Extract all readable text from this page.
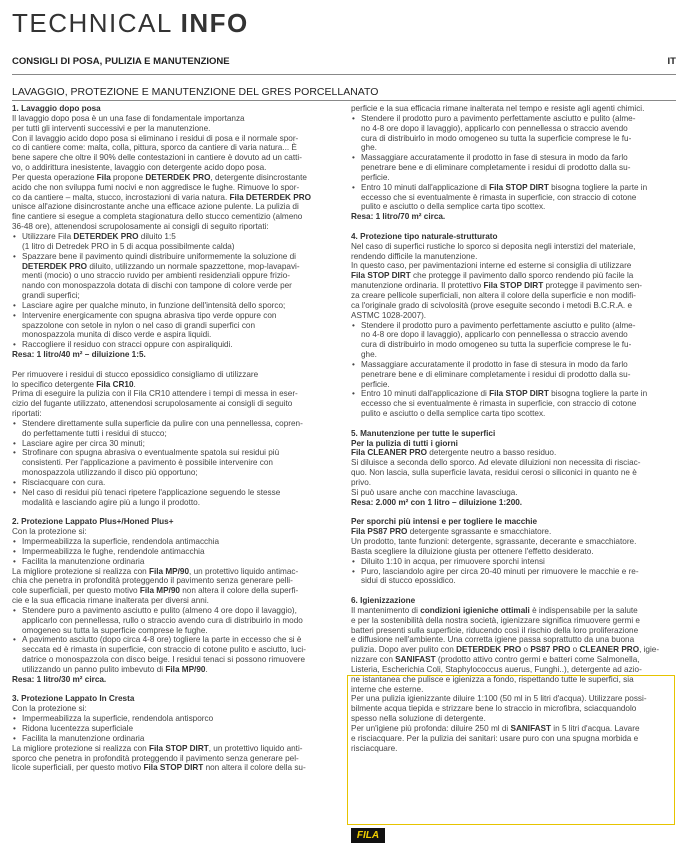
TECHNICAL INFO
CONSIGLI DI POSA, PULIZIA E MANUTENZIONE	IT
LAVAGGIO, PROTEZIONE E MANUTENZIONE DEL GRES PORCELLANATO

1. Lavaggio dopo posa

Il lavaggio dopo posa è un una fase di fondamentale importanza

per tutti gli interventi successivi e per la manutenzione.

Con il lavaggio acido dopo posa si eliminano i residui di posa e il normale spor-

co di cantiere come: malta, colla, pittura, sporco da cantiere di varia natura... È

bene sapere che oltre il 90% delle contestazioni in cantiere è dovuto ad un catti-

vo, o addirittura inesistente, lavaggio con detergente acido dopo posa.

Per questa operazione Fila propone DETERDEK PRO, detergente disincrostante

acido che non sviluppa fumi nocivi e non aggredisce le fughe. Rimuove lo spor-

co da cantiere – malta, stucco, incrostazioni di varia natura. Fila DETERDEK PRO

unisce all'azione disincrostante anche una efficace azione pulente. La pulizia di

fine cantiere si esegue a completa stagionatura dello stucco cementizio (almeno

36-48 ore), attenendosi scrupolosamente ai consigli di seguito riportati:

• Utilizzare Fila DETERDEK PRO diluito 1:5

(1 litro di Detredek PRO in 5 di acqua possibilmente calda)

• Spazzare bene il pavimento quindi distribuire uniformemente la soluzione di

DETERDEK PRO diluito, utilizzando un normale spazzettone, mop-lavapavi-

menti (mocio) o uno straccio ruvido per ambienti residenziali oppure frizio-

nando con monospazzola dotata di dischi con tampone di colore verde per

grandi superfici;

• Lasciare agire per qualche minuto, in funzione dell'intensità dello sporco;

• Intervenire energicamente con spugna abrasiva tipo verde oppure con

spazzolone con setole in nylon o nel caso di grandi superfici con

monospazzola munita di disco verde e aspira liquidi.

• Raccogliere il residuo con stracci oppure con aspiraliquidi.

Resa: 1 litro/40 m² – diluizione 1:5.

Per rimuovere i residui di stucco epossidico consigliamo di utilizzare

lo specifico detergente Fila CR10.

Prima di eseguire la pulizia con il Fila CR10 attendere i tempi di messa in eser-

cizio del fugante utilizzato, attenendosi scrupolosamente ai consigli di seguito

riportati:

• Stendere direttamente sulla superficie da pulire con una pennellessa, copren-

do perfettamente tutti i residui di stucco;

• Lasciare agire per circa 30 minuti;

• Strofinare con spugna abrasiva o eventualmente spatola sui residui più

consistenti. Per l'applicazione a pavimento è possibile intervenire con

monospazzola utilizzando il disco più opportuno;

• Risciacquare con cura.

• Nel caso di residui più tenaci ripetere l'applicazione seguendo le stesse

modalità e lasciando agire più a lungo il prodotto.

2. Protezione Lappato Plus+/Honed Plus+

Con la protezione si:

• Impermeabilizza la superficie, rendendola antimacchia

• Impermeabilizza le fughe, rendendole antimacchia

• Facilita la manutenzione ordinaria

La migliore protezione si realizza con Fila MP/90, un protettivo liquido antimac-

chia che penetra in profondità proteggendo il pavimento senza generare pelli-

cole superficiali, per questo motivo Fila MP/90 non altera il colore della superfi-

cie e la sua efficacia rimane inalterata per diversi anni.

• Stendere puro a pavimento asciutto e pulito (almeno 4 ore dopo il lavaggio),

applicarlo con pennellessa, rullo o straccio avendo cura di distribuirlo in modo

omogeneo su tutta la superficie comprese le fughe.

• A pavimento asciutto (dopo circa 4-8 ore) togliere la parte in eccesso che si è

seccata ed è rimasta in superficie, con straccio di cotone pulito e asciutto, luci-

datrice o monospazzola con disco beige. I residui tenaci si possono rimuovere

utilizzando un panno pulito imbevuto di Fila MP/90.

Resa: 1 litro/30 m² circa.

3. Protezione Lappato In Cresta

Con la protezione si:

• Impermeabilizza la superficie, rendendola antisporco

• Ridona lucentezza superficiale

• Facilita la manutenzione ordinaria

La migliore protezione si realizza con Fila STOP DIRT, un protettivo liquido anti-

sporco che penetra in profondità proteggendo il pavimento senza generare pel-

licole superficiali, per questo motivo Fila STOP DIRT non altera il colore della su-

perficie e la sua efficacia rimane inalterata nel tempo e resiste agli agenti chimici.

• Stendere il prodotto puro a pavimento perfettamente asciutto e pulito (alme-

no 4-8 ore dopo il lavaggio), applicarlo con pennellessa o straccio avendo

cura di distribuirlo in modo omogeneo su tutta la superficie comprese le fu-

ghe.

• Massaggiare accuratamente il prodotto in fase di stesura in modo da farlo

penetrare bene e di eliminare completamente i residui di prodotto dalla su-

perficie.

• Entro 10 minuti dall'applicazione di Fila STOP DIRT bisogna togliere la parte in

eccesso che si eventualmente è rimasta in superficie, con straccio di cotone

pulito e asciutto o della semplice carta tipo scottex.

Resa: 1 litro/70 m² circa.

4. Protezione tipo naturale-strutturato

Nel caso di superfici rustiche lo sporco si deposita negli interstizi del materiale,

rendendo difficile la manutenzione.

In questo caso, per pavimentazioni interne ed esterne si consiglia di utilizzare

Fila STOP DIRT che protegge il pavimento dallo sporco rendendo più facile la

manutenzione ordinaria. Il protettivo Fila STOP DIRT protegge il pavimento sen-

za creare pellicole superficiali, non altera il colore della superficie e non modifi-

ca l'originale grado di scivolosità (prove eseguite secondo i metodi B.C.R.A. e

ASTMC 1028-2007).

• Stendere il prodotto puro a pavimento perfettamente asciutto e pulito (alme-

no 4-8 ore dopo il lavaggio), applicarlo con pennellessa o straccio avendo

cura di distribuirlo in modo omogeneo su tutta la superficie comprese le fu-

ghe.

• Massaggiare accuratamente il prodotto in fase di stesura in modo da farlo

penetrare bene e di eliminare completamente i residui di prodotto dalla su-

perficie.

• Entro 10 minuti dall'applicazione di Fila STOP DIRT bisogna togliere la parte in

eccesso che si eventualmente è rimasta in superficie, con straccio di cotone

pulito e asciutto o della semplice carta tipo scottex.

5. Manutenzione per tutte le superfici

Per la pulizia di tutti i giorni

Fila CLEANER PRO detergente neutro a basso residuo.

Si diluisce a seconda dello sporco. Ad elevate diluizioni non necessita di risciac-

quo. Non lascia, sulla superficie lavata, residui cerosi o siliconici in quanto ne è

privo.

Si può usare anche con macchine lavasciuga.

Resa: 2.000 m² con 1 litro – diluizione 1:200.

Per sporchi più intensi e per togliere le macchie

Fila PS87 PRO detergente sgrassante e smacchiatore.

Un prodotto, tante funzioni: detergente, sgrassante, decerante e smacchiatore.

Basta scegliere la diluizione giusta per ottenere l'effetto desiderato.

• Diluito 1:10 in acqua, per rimuovere sporchi intensi

• Puro, lasciandolo agire per circa 20-40 minuti per rimuovere le macchie e re-

sidui di stucco epossidico.

6. Igienizzazione

Il mantenimento di condizioni igieniche ottimali è indispensabile per la salute

e per la sostenibilità della nostra società, igienizzare significa rimuovere germi e

batteri presenti sulla superficie, riducendo così il rischio della loro proliferazione

e diffusione nell'ambiente. Una corretta igiene passa soprattutto da una buona

pulizia. Dopo aver pulito con DETERDEK PRO o PS87 PRO o CLEANER PRO, igie-

nizzare con SANIFAST (prodotto attivo contro germi e batteri come Salmonella,

Listeria, Escherichia Coli, Staphylococcus auerus, Funghi..), detergente ad azio-

ne istantanea che pulisce e igienizza a fondo, rispettando tutte le superfici, sia

interne che esterne.

Per una pulizia igienizzante diluire 1:100 (50 ml in 5 litri d'acqua). Utilizzare possi-

bilmente acqua tiepida e strizzare bene lo straccio in microfibra, sciacquandolo

spesso nella soluzione di detergente.

Per un'igiene più profonda: diluire 250 ml di SANIFAST in 5 litri d'acqua. Lavare

e risciacquare. Per la pulizia dei sanitari: usare puro con una spugna morbida e

risciacquare.

FILA
